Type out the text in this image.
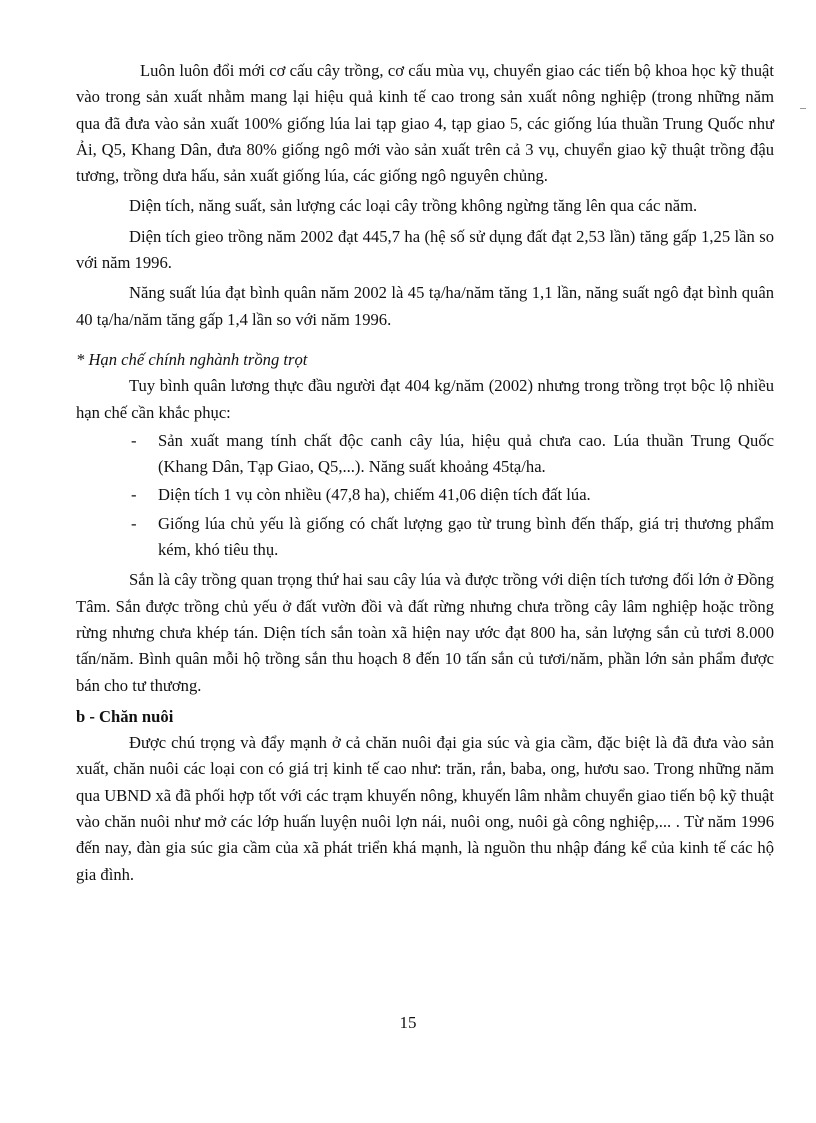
Luôn luôn đổi mới cơ cấu cây trồng, cơ cấu mùa vụ, chuyển giao các tiến bộ khoa học kỹ thuật vào trong sản xuất nhằm mang lại hiệu quả kinh tế cao trong sản xuất nông nghiệp (trong những năm qua đã đưa vào sản xuất 100% giống lúa lai tạp giao 4, tạp giao 5, các giống lúa thuần Trung Quốc như Ải, Q5, Khang Dân, đưa 80% giống ngô mới vào sản xuất trên cả 3 vụ, chuyển giao kỹ thuật trồng đậu tương, trồng dưa hấu, sản xuất giống lúa, các giống ngô nguyên chủng.

Diện tích, năng suất, sản lượng các loại cây trồng không ngừng tăng lên qua các năm.

Diện tích gieo trồng năm 2002 đạt 445,7 ha (hệ số sử dụng đất đạt 2,53 lần) tăng gấp 1,25 lần so với năm 1996.

Năng suất lúa đạt bình quân năm 2002 là 45 tạ/ha/năm tăng 1,1 lần, năng suất ngô đạt bình quân 40 tạ/ha/năm tăng gấp 1,4 lần so với năm 1996.

* Hạn chế chính nghành trồng trọt

Tuy bình quân lương thực đầu người đạt 404 kg/năm (2002) nhưng trong trồng trọt bộc lộ nhiều hạn chế cần khắc phục:

- Sản xuất mang tính chất độc canh cây lúa, hiệu quả chưa cao. Lúa thuần Trung Quốc (Khang Dân, Tạp Giao, Q5,...). Năng suất khoảng 45tạ/ha.
- Diện tích 1 vụ còn nhiều (47,8 ha), chiếm 41,06 diện tích đất lúa.
- Giống lúa chủ yếu là giống có chất lượng gạo từ trung bình đến thấp, giá trị thương phẩm kém, khó tiêu thụ.

Sắn là cây trồng quan trọng thứ hai sau cây lúa và được trồng với diện tích tương đối lớn ở Đồng Tâm. Sắn được trồng chủ yếu ở đất vườn đồi và đất rừng nhưng chưa trồng cây lâm nghiệp hoặc trồng rừng nhưng chưa khép tán. Diện tích sắn toàn xã hiện nay ước đạt 800 ha, sản lượng sắn củ tươi 8.000 tấn/năm. Bình quân mỗi hộ trồng sắn thu hoạch 8 đến 10 tấn sắn củ tươi/năm, phần lớn sản phẩm được bán cho tư thương.

b - Chăn nuôi

Được chú trọng và đẩy mạnh ở cả chăn nuôi đại gia súc và gia cầm, đặc biệt là đã đưa vào sản xuất, chăn nuôi các loại con có giá trị kinh tế cao như: trăn, rắn, baba, ong, hươu sao. Trong những năm qua UBND xã đã phối hợp tốt với các trạm khuyến nông, khuyến lâm nhằm chuyển giao tiến bộ kỹ thuật vào chăn nuôi như mở các lớp huấn luyện nuôi lợn nái, nuôi ong, nuôi gà công nghiệp,... . Từ năm 1996 đến nay, đàn gia súc gia cầm của xã phát triển khá mạnh, là nguồn thu nhập đáng kể của kinh tế các hộ gia đình.

15
